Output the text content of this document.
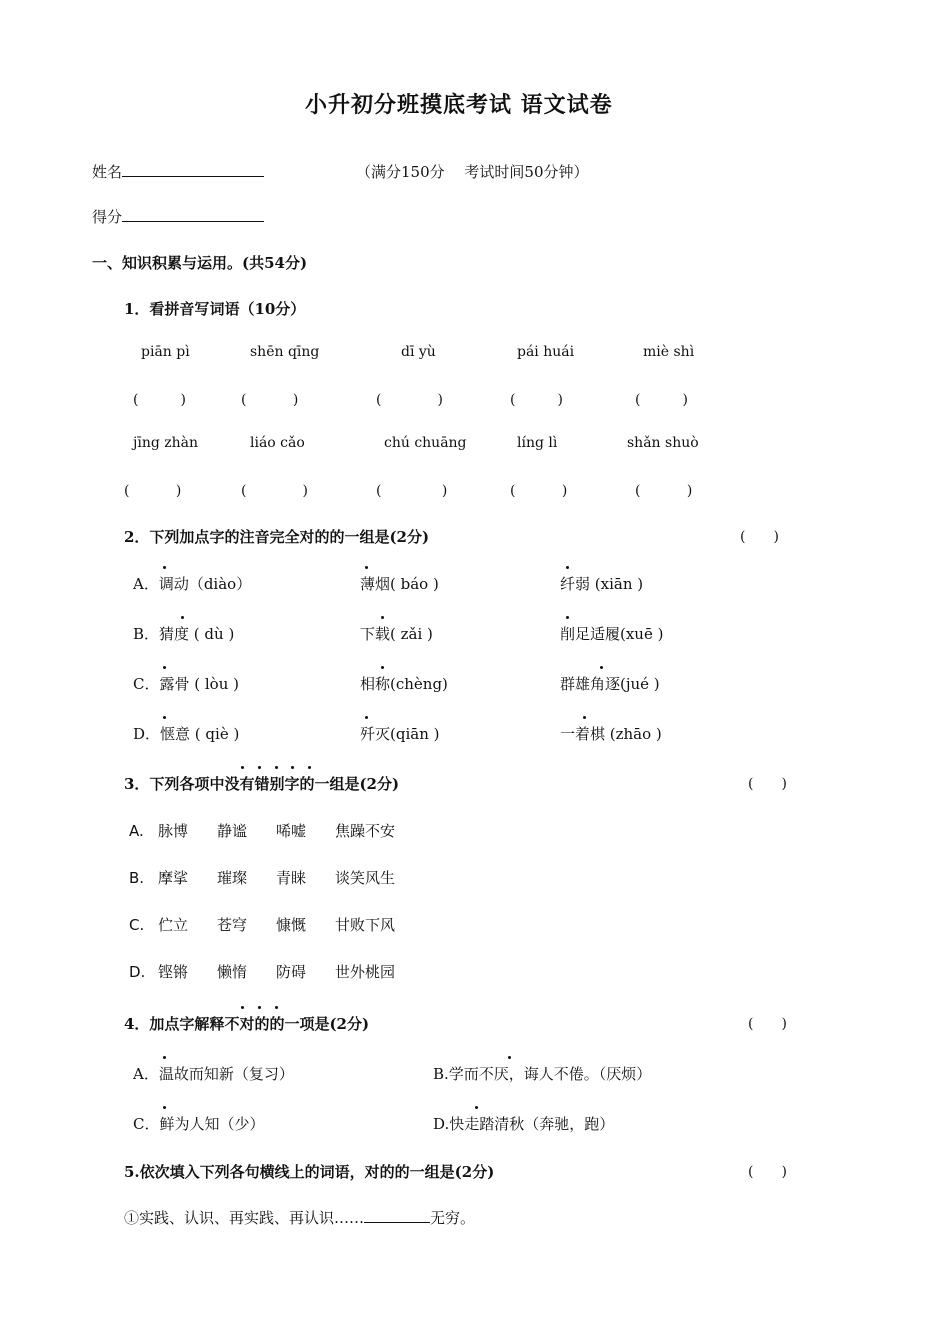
小升初分班摸底考试 语文试卷
姓名	（满分150分　 考试时间50分钟）
得分
一、知识积累与运用。(共54分)
1．看拼音写词语（10分）
piān pì	shēn qīng	dī yù	pái huái	miè shì
(　　　)	(　　　 )	(　　　　)	(　　　)	(　　　)
jīng zhàn	liáo cǎo	chú chuāng	líng lì	shǎn shuò
(　　　 )	(　　　　)	(　　　　 )	(　　　 )	(　　　 )
2．下列加点字的注音完全对的的一组是(2分)	(　　)
A．调动（diào）	薄烟( báo )	纤弱 (xiān )
B．猜度 ( dù )	下载( zǎi )	削足适履(xuē )
C．露骨 ( lòu )	相称(chèng)	群雄角逐(jué )
D．惬意 ( qiè )	歼灭(qiān )	一着棋 (zhāo )
3．下列各项中没有错别字的一组是(2分)	(　　)
A. 脉博 静谧 唏嘘 焦躁不安
B. 摩挲 璀璨 青睐 谈笑风生
C. 伫立 苍穹 慷慨 甘败下风
D. 铿锵 懒惰 防碍 世外桃园
4．加点字解释不对的的一项是(2分)	(　　)
A．温故而知新（复习）	B.学而不厌，诲人不倦。（厌烦）
C．鲜为人知（少）	D.快走踏清秋（奔驰，跑）
5.依次填入下列各句横线上的词语，对的的一组是(2分)	(　　)
①实践、认识、再实践、再认识……	无穷。
